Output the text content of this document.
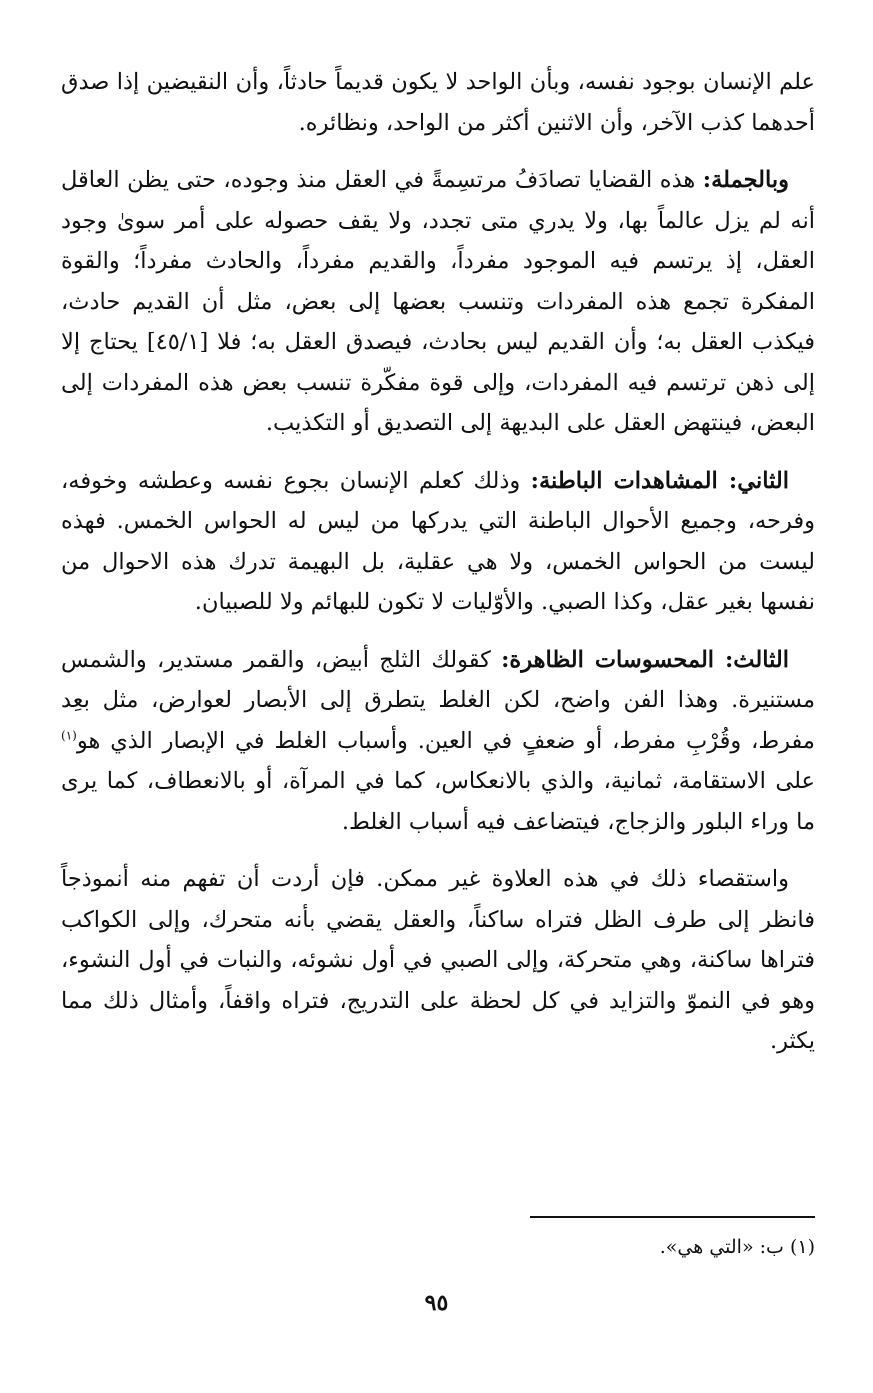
علم الإنسان بوجود نفسه، وبأن الواحد لا يكون قديماً حادثاً، وأن النقيضين إذا صدق أحدهما كذب الآخر، وأن الاثنين أكثر من الواحد، ونظائره.

وبالجملة: هذه القضايا تصادَفُ مرتسِمةً في العقل منذ وجوده، حتى يظن العاقل أنه لم يزل عالماً بها، ولا يدري متى تجدد، ولا يقف حصوله على أمر سوىٰ وجود العقل، إذ يرتسم فيه الموجود مفرداً، والقديم مفرداً، والحادث مفرداً؛ والقوة المفكرة تجمع هذه المفردات وتنسب بعضها إلى بعض، مثل أن القديم حادث، فيكذب العقل به؛ وأن القديم ليس بحادث، فيصدق العقل به؛ فلا [٤٥/١] يحتاج إلا إلى ذهن ترتسم فيه المفردات، وإلى قوة مفكّرة تنسب بعض هذه المفردات إلى البعض، فينتهض العقل على البديهة إلى التصديق أو التكذيب.

الثاني: المشاهدات الباطنة: وذلك كعلم الإنسان بجوع نفسه وعطشه وخوفه، وفرحه، وجميع الأحوال الباطنة التي يدركها من ليس له الحواس الخمس. فهذه ليست من الحواس الخمس، ولا هي عقلية، بل البهيمة تدرك هذه الاحوال من نفسها بغير عقل، وكذا الصبي. والأوّليات لا تكون للبهائم ولا للصبيان.

الثالث: المحسوسات الظاهرة: كقولك الثلج أبيض، والقمر مستدير، والشمس مستنيرة. وهذا الفن واضح، لكن الغلط يتطرق إلى الأبصار لعوارض، مثل بعِد مفرط، وقُرْبِ مفرط، أو ضعفٍ في العين. وأسباب الغلط في الإبصار الذي هو$^{(١)}$ على الاستقامة، ثمانية، والذي بالانعكاس، كما في المرآة، أو بالانعطاف، كما يرى ما وراء البلور والزجاج، فيتضاعف فيه أسباب الغلط.

واستقصاء ذلك في هذه العلاوة غير ممكن. فإن أردت أن تفهم منه أنموذجاً فانظر إلى طرف الظل فتراه ساكناً، والعقل يقضي بأنه متحرك، وإلى الكواكب فتراها ساكنة، وهي متحركة، وإلى الصبي في أول نشوئه، والنبات في أول النشوء، وهو في النموّ والتزايد في كل لحظة على التدريج، فتراه واقفاً، وأمثال ذلك مما يكثر.

(١) ب: «التي هي».
٩٥
